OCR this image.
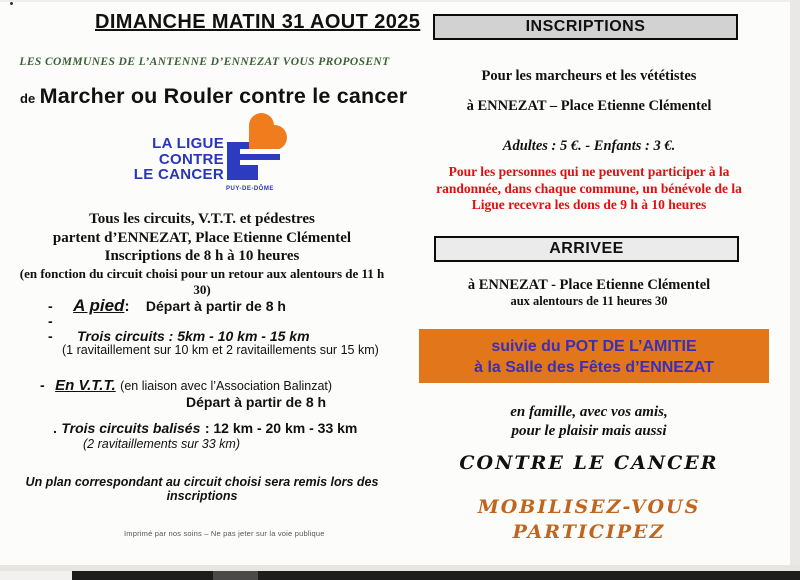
DIMANCHE MATIN 31 AOUT 2025
LES COMMUNES DE L’ANTENNE D’ENNEZAT VOUS PROPOSENT
de Marcher ou Rouler contre le cancer
LA LIGUE
CONTRE
LE CANCER
PUY-DE-DÔME
Tous les circuits, V.T.T. et pédestres
partent d’ENNEZAT, Place Etienne Clémentel
Inscriptions de 8 h à 10 heures
(en fonction du circuit choisi pour un retour aux alentours de 11 h 30)
- A pied: Départ à partir de 8 h
-
- Trois circuits : 5km - 10 km - 15 km
(1 ravitaillement sur 10 km et 2 ravitaillements sur 15 km)
- En V.T.T. (en liaison avec l’Association Balinzat)
Départ à partir de 8 h
. Trois circuits balisés : 12 km - 20 km - 33 km
(2 ravitaillements sur 33 km)
Un plan correspondant au circuit choisi sera remis lors des inscriptions
Imprimé par nos soins – Ne pas jeter sur la voie publique
INSCRIPTIONS
Pour les marcheurs et les vététistes
à ENNEZAT – Place Etienne Clémentel
Adultes : 5 €. - Enfants : 3 €.
Pour les personnes qui ne peuvent participer à la
randonnée, dans chaque commune, un bénévole de la
Ligue recevra les dons de 9 h à 10 heures
ARRIVEE
à ENNEZAT - Place Etienne Clémentel
aux alentours de 11 heures 30
suivie du POT DE L’AMITIE
à la Salle des Fêtes d’ENNEZAT
en famille, avec vos amis,
pour le plaisir mais aussi
CONTRE LE CANCER
MOBILISEZ-VOUS
PARTICIPEZ
